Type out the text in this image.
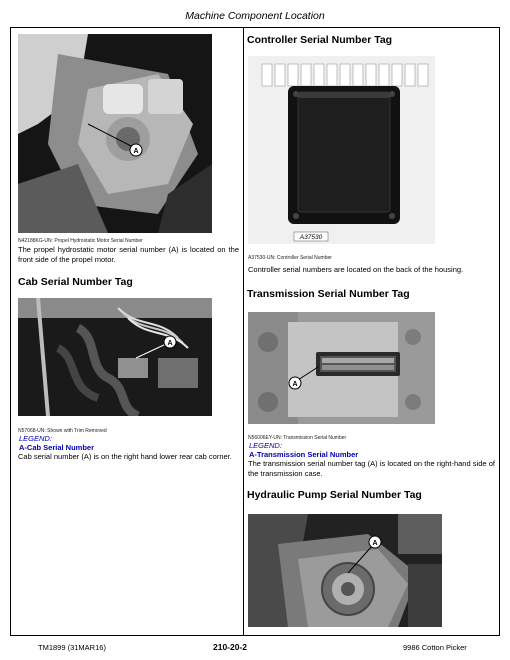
Machine Component Location
A
N42188KG-UN: Propel Hydrostatic Motor Serial Number
The propel hydrostatic motor serial number (A) is located on the front side of the propel motor.
Cab Serial Number Tag
A
N57068-UN: Shown with Trim Removed
LEGEND:
A-Cab Serial Number
Cab serial number (A) is on the right hand lower rear cab corner.
Controller Serial Number Tag
A37530
A37530-UN: Controller Serial Number
Controller serial numbers are located on the back of the housing.
Transmission Serial Number Tag
A
N56006EY-UN: Transmission Serial Number
LEGEND:
A-Transmission Serial Number
The transmission serial number tag (A) is located on the right-hand side of the transmission case.
Hydraulic Pump Serial Number Tag
A
TM1899 (31MAR16)	210-20-2	9986 Cotton Picker
